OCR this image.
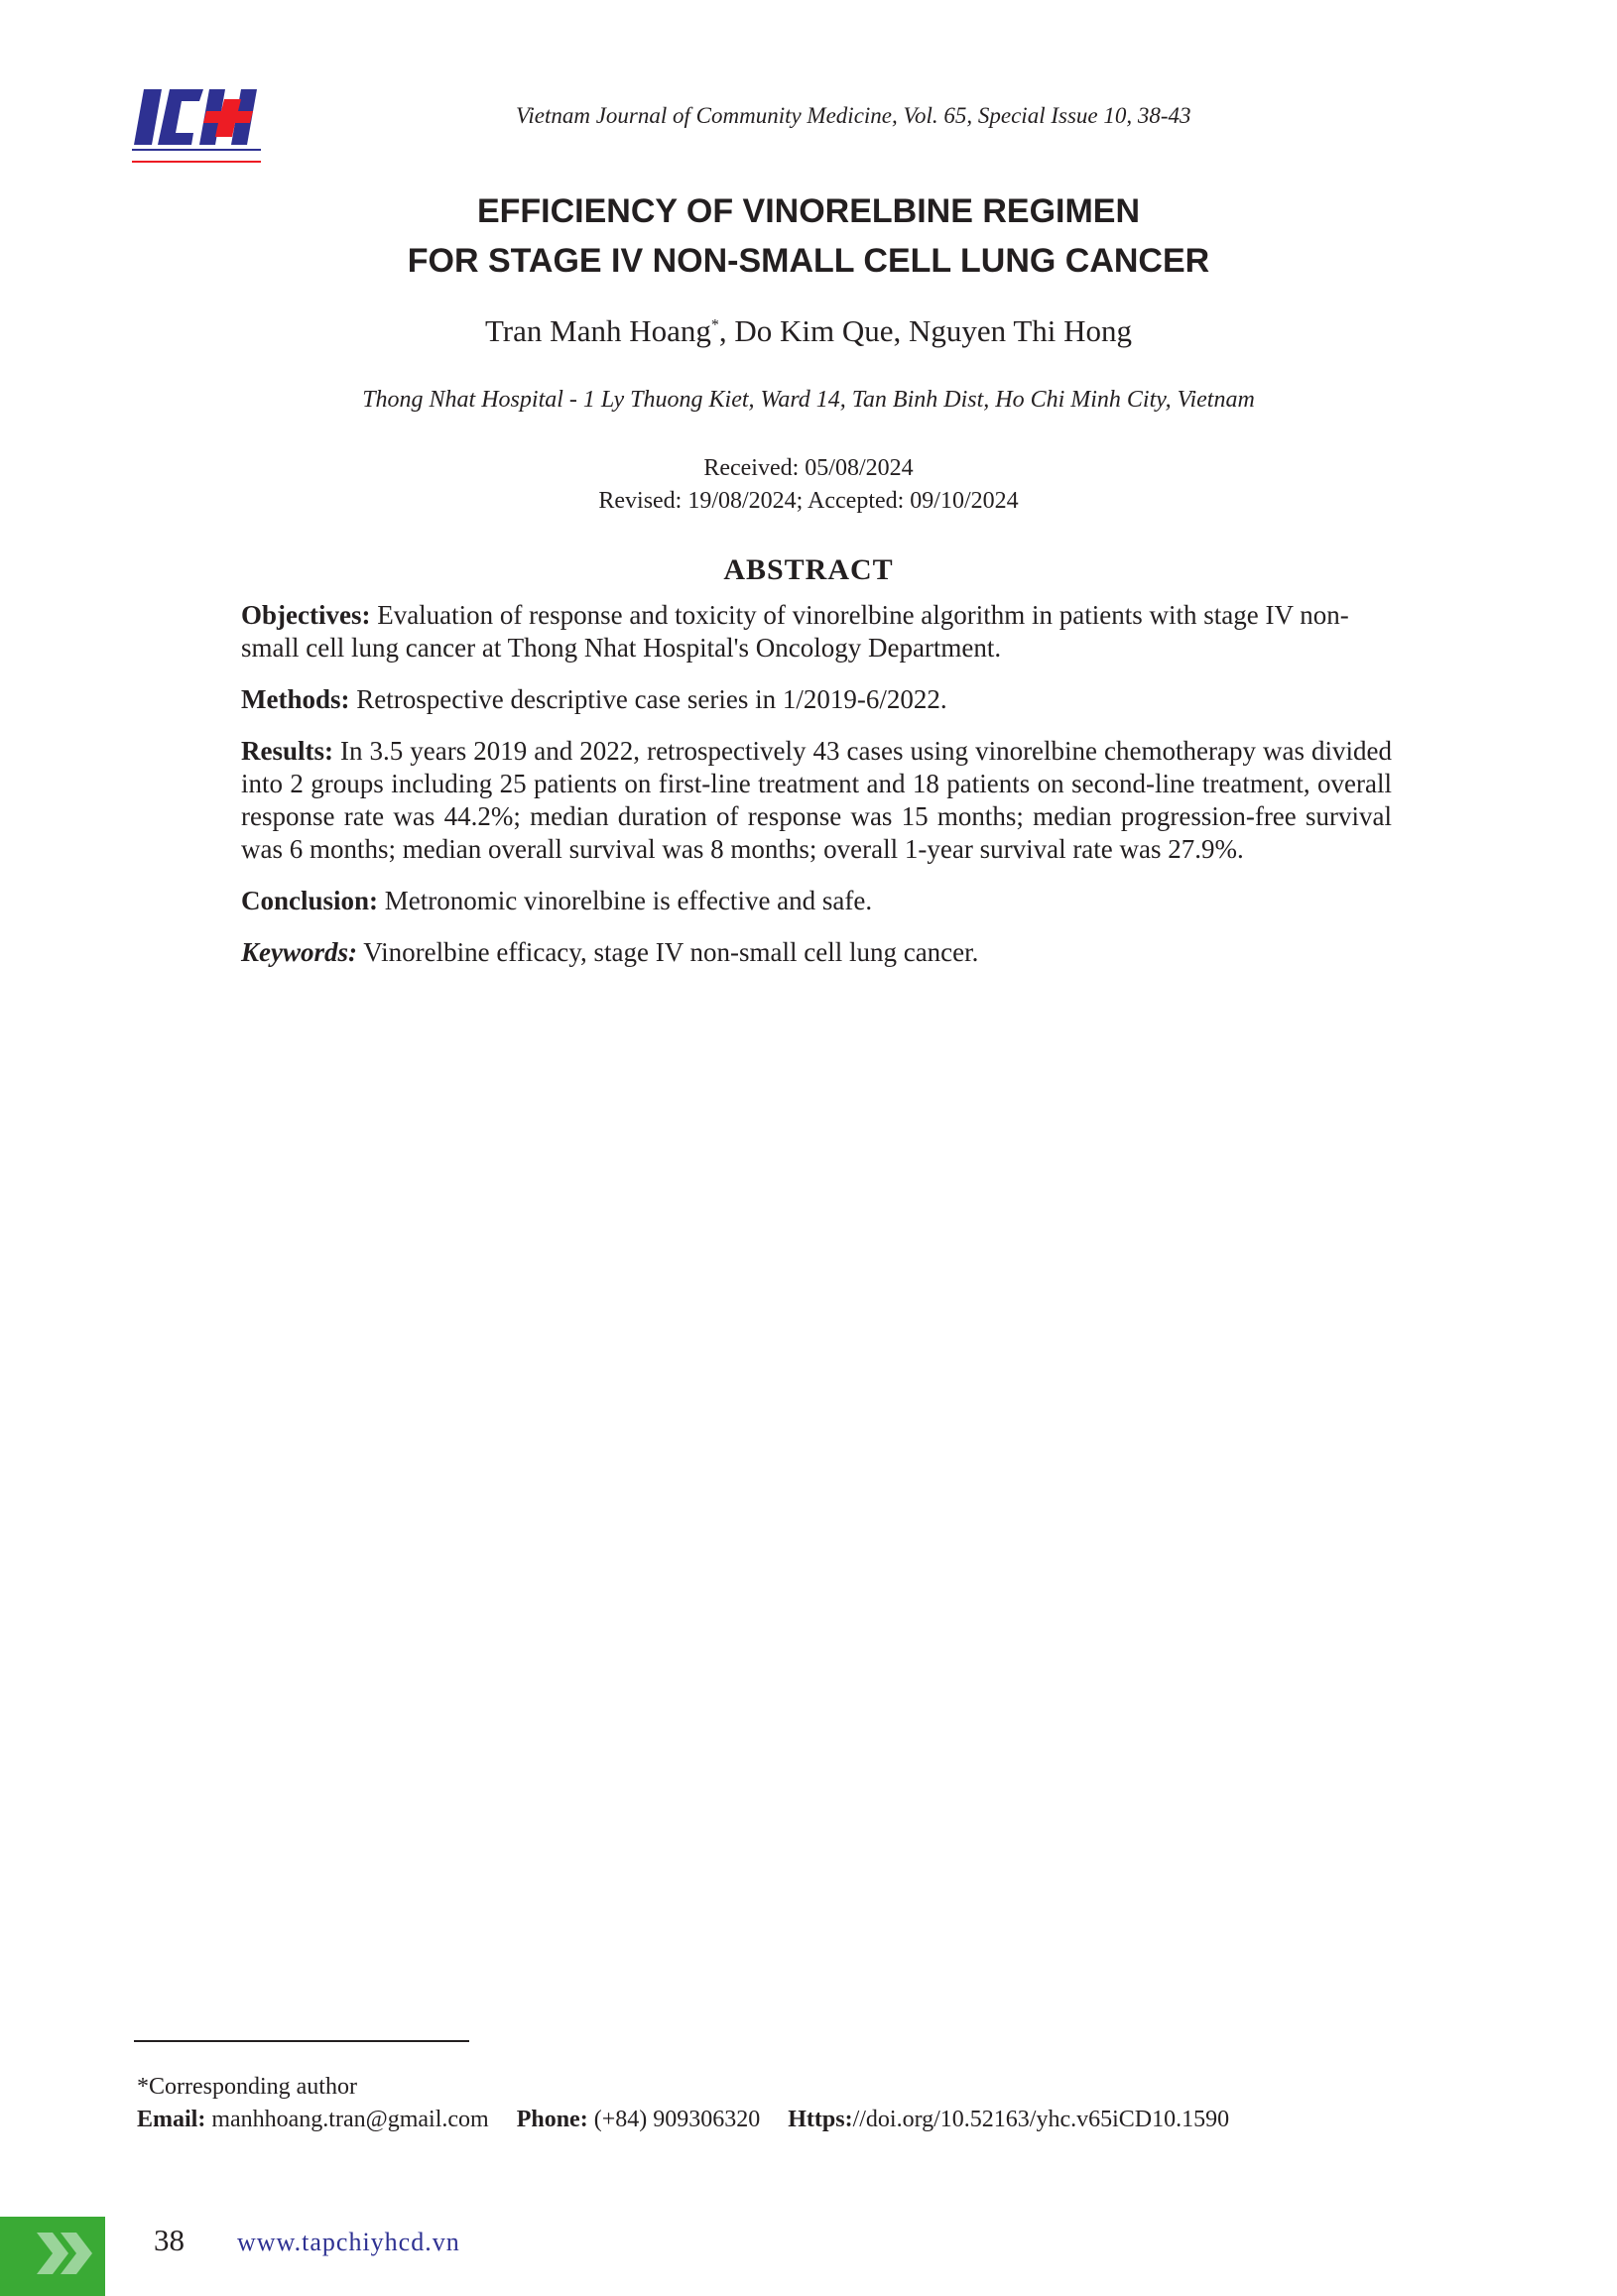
Vietnam Journal of Community Medicine, Vol. 65, Special Issue 10, 38-43
EFFICIENCY OF VINORELBINE REGIMEN
FOR STAGE IV NON-SMALL CELL LUNG CANCER
Tran Manh Hoang*, Do Kim Que, Nguyen Thi Hong
Thong Nhat Hospital - 1 Ly Thuong Kiet, Ward 14, Tan Binh Dist, Ho Chi Minh City, Vietnam
Received: 05/08/2024
Revised: 19/08/2024; Accepted: 09/10/2024
ABSTRACT

Objectives: Evaluation of response and toxicity of vinorelbine algorithm in patients with stage IV non-small cell lung cancer at Thong Nhat Hospital's Oncology Department.

Methods: Retrospective descriptive case series in 1/2019-6/2022.

Results: In 3.5 years 2019 and 2022, retrospectively 43 cases using vinorelbine chemotherapy was divided into 2 groups including 25 patients on first-line treatment and 18 patients on second-line treatment, overall response rate was 44.2%; median duration of response was 15 months; median progression-free survival was 6 months; median overall survival was 8 months; overall 1-year survival rate was 27.9%.

Conclusion: Metronomic vinorelbine is effective and safe.

Keywords: Vinorelbine efficacy, stage IV non-small cell lung cancer.

*Corresponding author
Email: manhhoang.tran@gmail.com Phone: (+84) 909306320 Https://doi.org/10.52163/yhc.v65iCD10.1590
38 www.tapchiyhcd.vn
